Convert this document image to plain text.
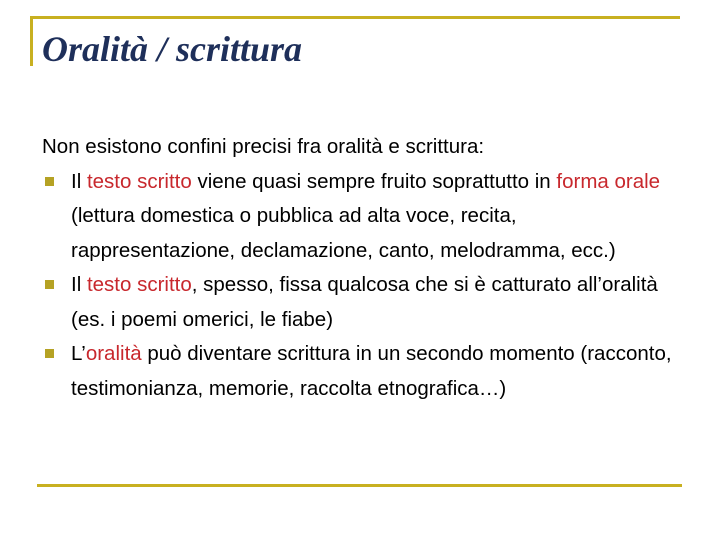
Oralità / scrittura

Non esistono confini precisi fra oralità e scrittura:

Il testo scritto viene quasi sempre fruito soprattutto in forma orale (lettura domestica o pubblica ad alta voce, recita, rappresentazione, declamazione, canto, melodramma, ecc.)
Il testo scritto, spesso, fissa qualcosa che si è catturato all’oralità (es. i poemi omerici, le fiabe)
L’oralità può diventare scrittura in un secondo momento (racconto, testimonianza, memorie, raccolta etnografica…)
